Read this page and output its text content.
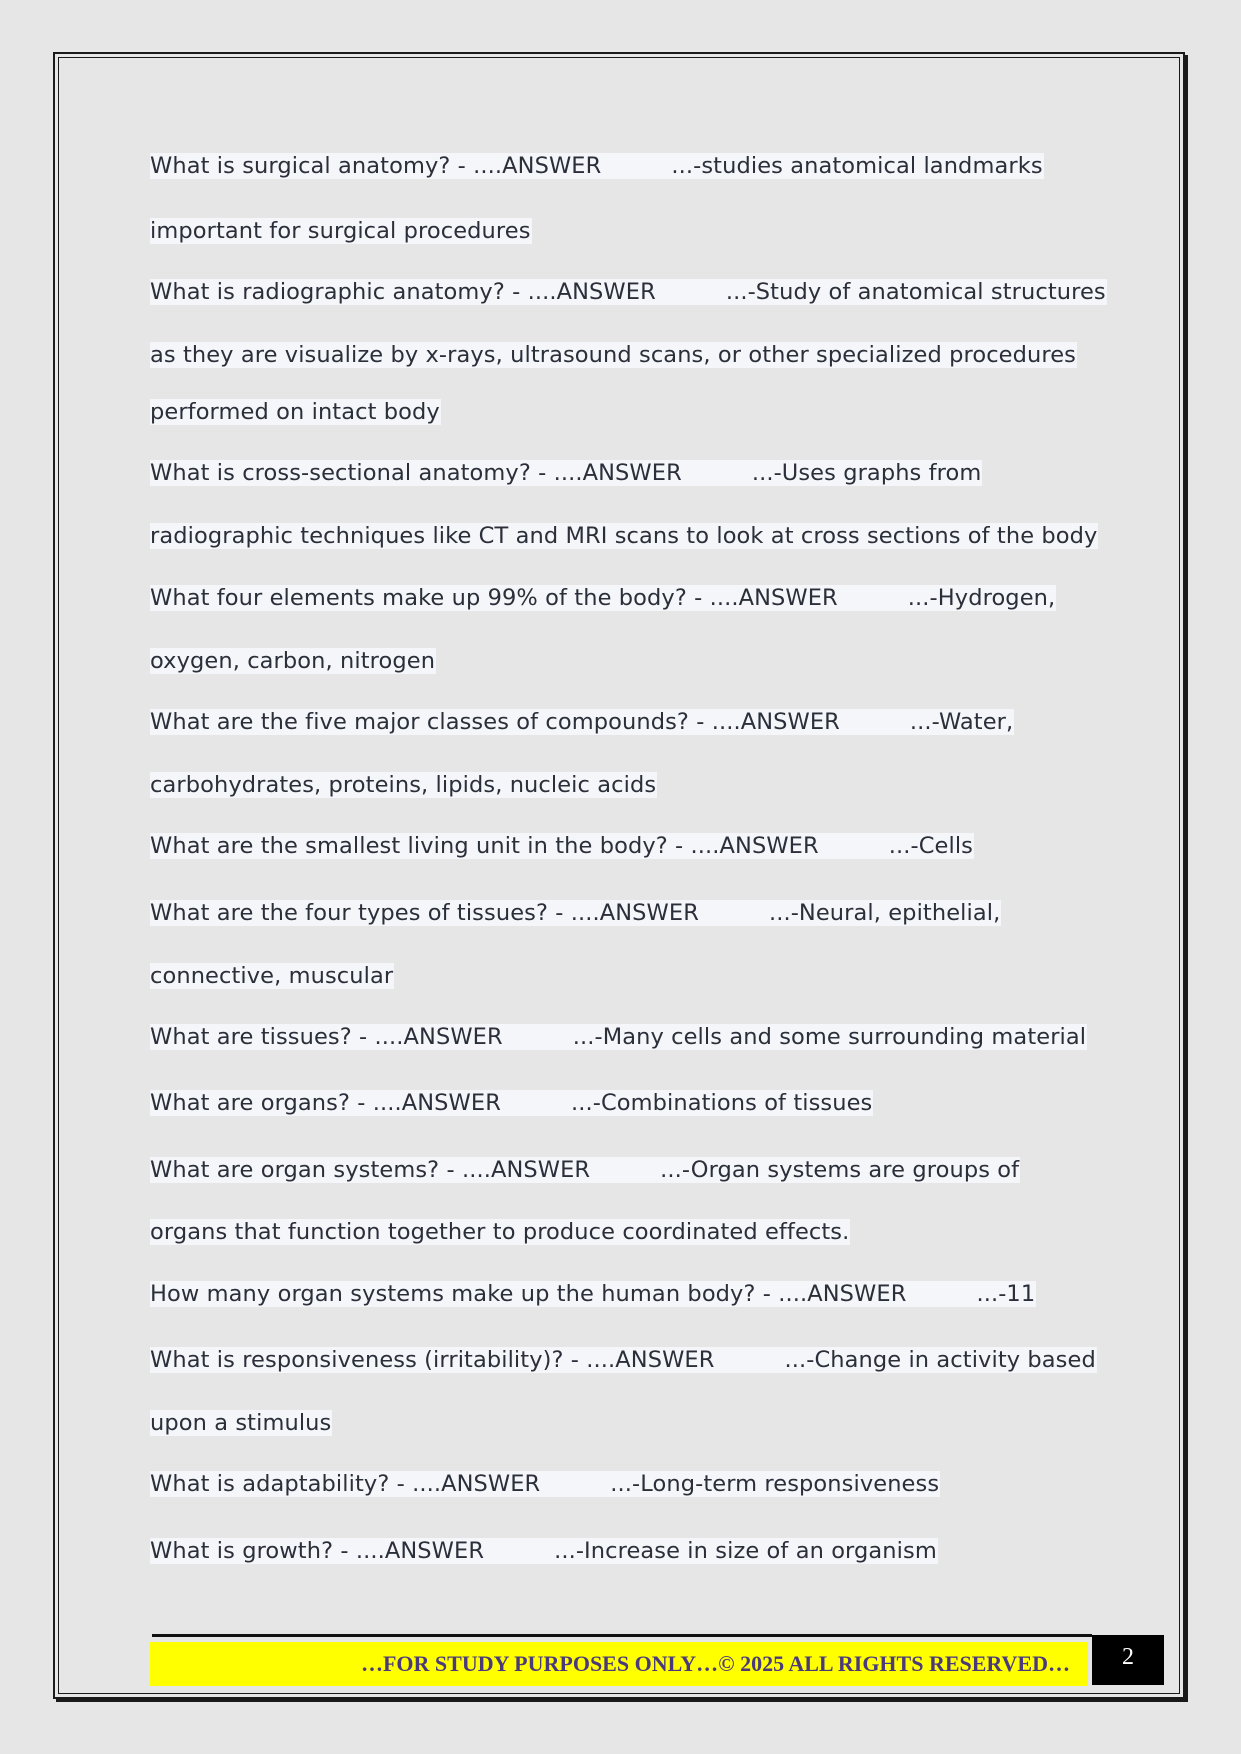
What is surgical anatomy? - ....ANSWER	...-studies anatomical landmarks
important for surgical procedures
What is radiographic anatomy? - ....ANSWER	...-Study of anatomical structures
as they are visualize by x-rays, ultrasound scans, or other specialized procedures
performed on intact body
What is cross-sectional anatomy? - ....ANSWER	...-Uses graphs from
radiographic techniques like CT and MRI scans to look at cross sections of the body
What four elements make up 99% of the body? - ....ANSWER	...-Hydrogen,
oxygen, carbon, nitrogen
What are the five major classes of compounds? - ....ANSWER	...-Water,
carbohydrates, proteins, lipids, nucleic acids
What are the smallest living unit in the body? - ....ANSWER	...-Cells
What are the four types of tissues? - ....ANSWER	...-Neural, epithelial,
connective, muscular
What are tissues? - ....ANSWER	...-Many cells and some surrounding material
What are organs? - ....ANSWER	...-Combinations of tissues
What are organ systems? - ....ANSWER	...-Organ systems are groups of
organs that function together to produce coordinated effects.
How many organ systems make up the human body? - ....ANSWER	...-11
What is responsiveness (irritability)? - ....ANSWER	...-Change in activity based
upon a stimulus
What is adaptability? - ....ANSWER	...-Long-term responsiveness
What is growth? - ....ANSWER	...-Increase in size of an organism
…FOR STUDY PURPOSES ONLY…© 2025 ALL RIGHTS RESERVED…	2
